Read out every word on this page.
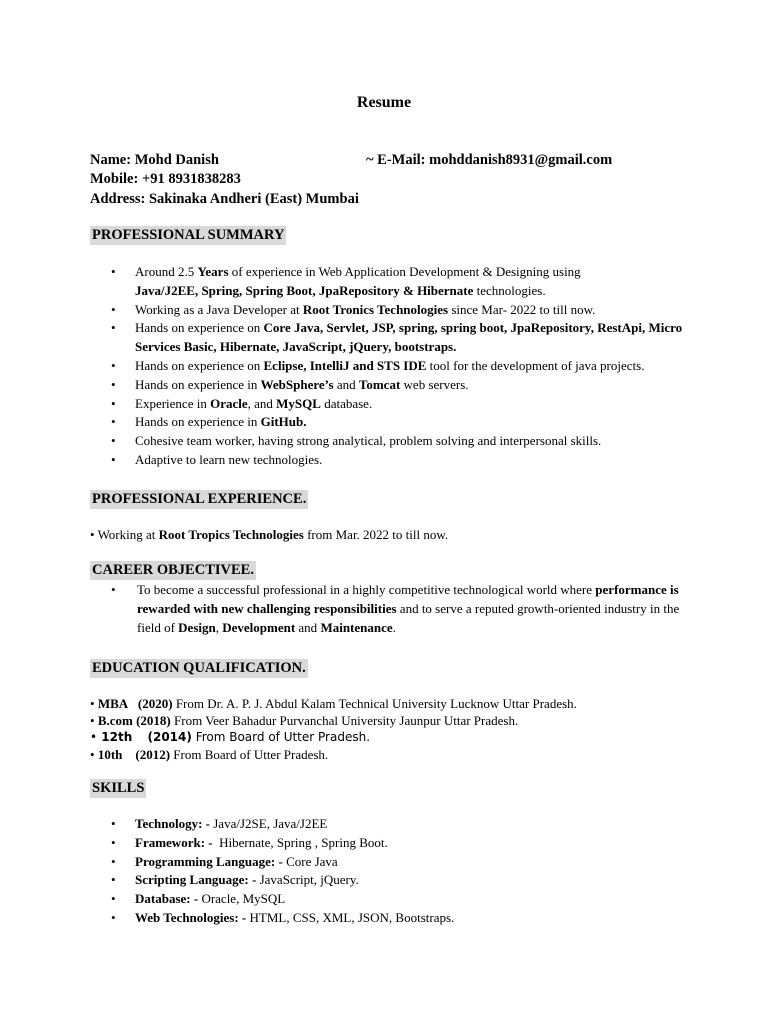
Resume
Name: Mohd Danish	~ E-Mail: mohddanish8931@gmail.com
Mobile: +91 8931838283
Address: Sakinaka Andheri (East) Mumbai
PROFESSIONAL SUMMARY
• Around 2.5 Years of experience in Web Application Development & Designing using
Java/J2EE, Spring, Spring Boot, JpaRepository & Hibernate technologies.
• Working as a Java Developer at Root Tronics Technologies since Mar- 2022 to till now.
• Hands on experience on Core Java, Servlet, JSP, spring, spring boot, JpaRepository, RestApi, Micro Services Basic, Hibernate, JavaScript, jQuery, bootstraps.
• Hands on experience on Eclipse, IntelliJ and STS IDE tool for the development of java projects.
• Hands on experience in WebSphere’s and Tomcat web servers.
• Experience in Oracle, and MySQL database.
• Hands on experience in GitHub.
• Cohesive team worker, having strong analytical, problem solving and interpersonal skills.
• Adaptive to learn new technologies.
PROFESSIONAL EXPERIENCE.
• Working at Root Tropics Technologies from Mar. 2022 to till now.
CAREER OBJECTIVEE.
• To become a successful professional in a highly competitive technological world where performance is rewarded with new challenging responsibilities and to serve a reputed growth-oriented industry in the field of Design, Development and Maintenance.
EDUCATION QUALIFICATION.
• MBA (2020) From Dr. A. P. J. Abdul Kalam Technical University Lucknow Uttar Pradesh.
• B.com (2018) From Veer Bahadur Purvanchal University Jaunpur Uttar Pradesh.
• 12th (2014) From Board of Utter Pradesh.
• 10th (2012) From Board of Utter Pradesh.
SKILLS
• Technology: - Java/J2SE, Java/J2EE
• Framework: -  Hibernate, Spring , Spring Boot.
• Programming Language: - Core Java
• Scripting Language: - JavaScript, jQuery.
• Database: - Oracle, MySQL
• Web Technologies: - HTML, CSS, XML, JSON, Bootstraps.
